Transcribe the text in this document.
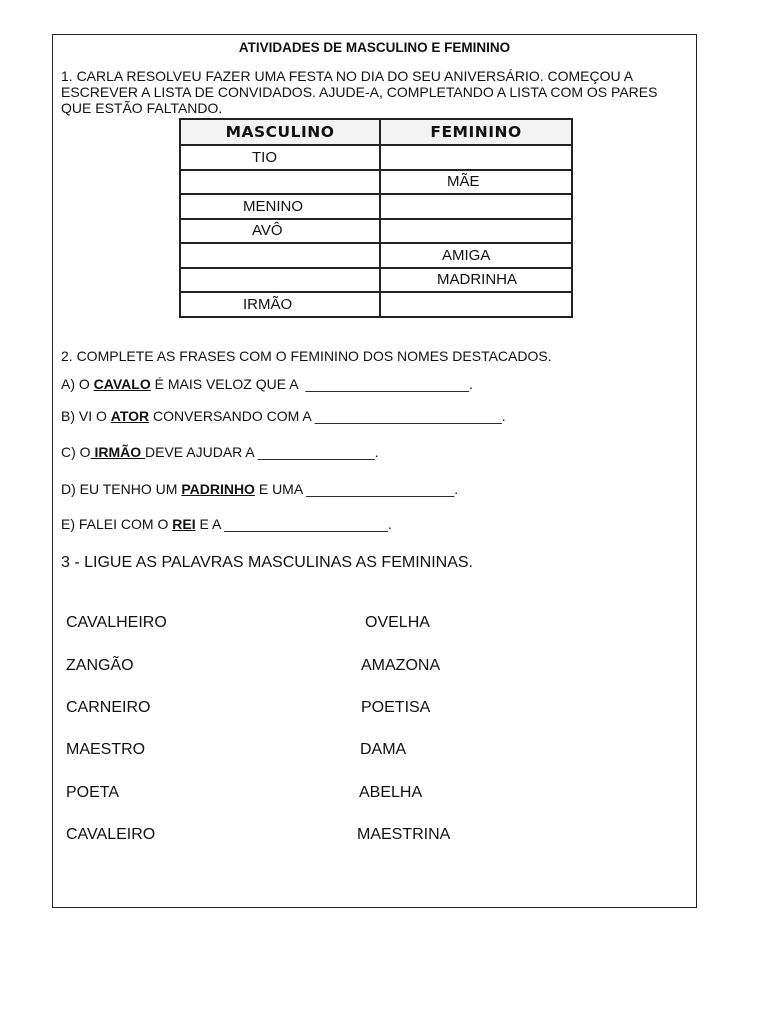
ATIVIDADES DE MASCULINO E FEMININO
1. CARLA RESOLVEU FAZER UMA FESTA NO DIA DO SEU ANIVERSÁRIO. COMEÇOU A ESCREVER A LISTA DE CONVIDADOS. AJUDE-A, COMPLETANDO A LISTA COM OS PARES QUE ESTÃO FALTANDO.
MASCULINO	FEMININO
TIO	
	MÃE
MENINO	
AVÔ	
	AMIGA
	MADRINHA
IRMÃO	
2. COMPLETE AS FRASES COM O FEMININO DOS NOMES DESTACADOS.
A) O CAVALO É MAIS VELOZ QUE A  _____________________.
B) VI O ATOR CONVERSANDO COM A ________________________.
C) O IRMÃO DEVE AJUDAR A _______________.
D) EU TENHO UM PADRINHO E UMA ___________________.
E) FALEI COM O REI E A _____________________.
3 - LIGUE AS PALAVRAS MASCULINAS AS FEMININAS.
CAVALHEIRO
ZANGÃO
CARNEIRO
MAESTRO
POETA
CAVALEIRO
OVELHA
AMAZONA
POETISA
DAMA
ABELHA
MAESTRINA
